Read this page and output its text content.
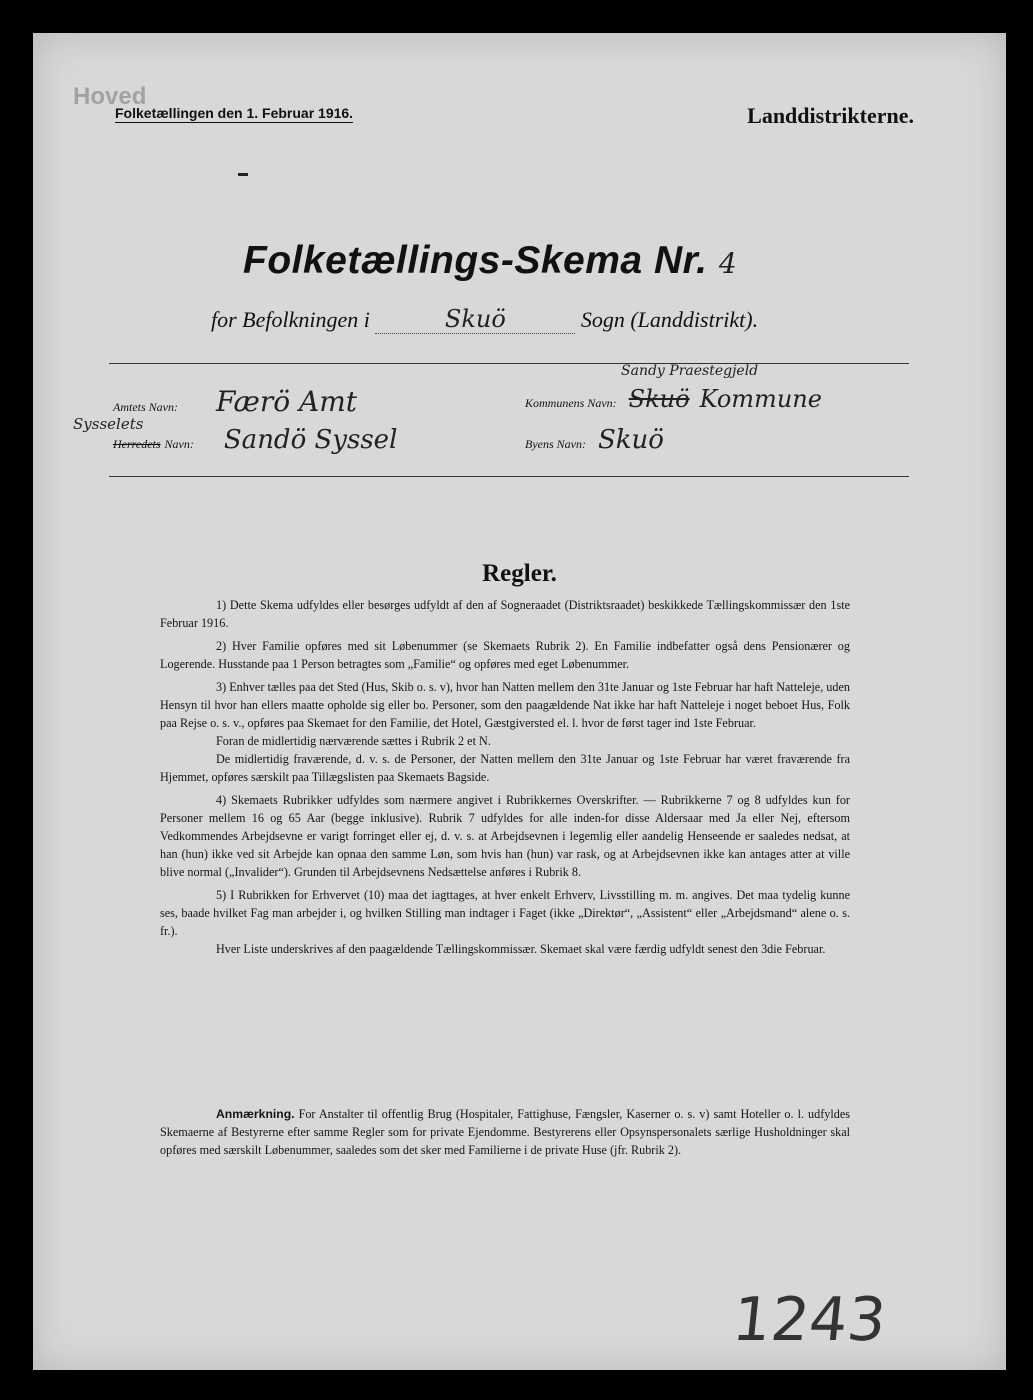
Hoved
Folketællingen den 1. Februar 1916.	Landdistrikterne.
Folketællings-Skema Nr. 4
for Befolkningen i	Skuö	Sogn (Landdistrikt).
Amtets Navn: Færö Amt
Sandy Praestegjeld
Kommunens Navn: Skuö Kommune
Sysselets
Herredets Navn: Sandö Syssel	Byens Navn: Skuö
Regler.

1) Dette Skema udfyldes eller besørges udfyldt af den af Sogneraadet (Distriktsraadet) beskikkede Tællingskommissær den 1ste Februar 1916.

2) Hver Familie opføres med sit Løbenummer (se Skemaets Rubrik 2). En Familie indbefatter også dens Pensionærer og Logerende. Husstande paa 1 Person betragtes som „Familie“ og opføres med eget Løbenummer.

3) Enhver tælles paa det Sted (Hus, Skib o. s. v), hvor han Natten mellem den 31te Januar og 1ste Februar har haft Natteleje, uden Hensyn til hvor han ellers maatte opholde sig eller bo. Personer, som den paagældende Nat ikke har haft Natteleje i noget beboet Hus, Folk paa Rejse o. s. v., opføres paa Skemaet for den Familie, det Hotel, Gæstgiversted el. l. hvor de først tager ind 1ste Februar.

Foran de midlertidig nærværende sættes i Rubrik 2 et N.

De midlertidig fraværende, d. v. s. de Personer, der Natten mellem den 31te Januar og 1ste Februar har været fraværende fra Hjemmet, opføres særskilt paa Tillægslisten paa Skemaets Bagside.

4) Skemaets Rubrikker udfyldes som nærmere angivet i Rubrikkernes Overskrifter. — Rubrikkerne 7 og 8 udfyldes kun for Personer mellem 16 og 65 Aar (begge inklusive). Rubrik 7 udfyldes for alle inden-for disse Aldersaar med Ja eller Nej, eftersom Vedkommendes Arbejdsevne er varigt forringet eller ej, d. v. s. at Arbejdsevnen i legemlig eller aandelig Henseende er saaledes nedsat, at han (hun) ikke ved sit Arbejde kan opnaa den samme Løn, som hvis han (hun) var rask, og at Arbejdsevnen ikke kan antages atter at ville blive normal („Invalider“). Grunden til Arbejdsevnens Nedsættelse anføres i Rubrik 8.

5) I Rubrikken for Erhvervet (10) maa det iagttages, at hver enkelt Erhverv, Livsstilling m. m. angives. Det maa tydelig kunne ses, baade hvilket Fag man arbejder i, og hvilken Stilling man indtager i Faget (ikke „Direktør“, „Assistent“ eller „Arbejdsmand“ alene o. s. fr.).

Hver Liste underskrives af den paagældende Tællingskommissær. Skemaet skal være færdig udfyldt senest den 3die Februar.

Anmærkning. For Anstalter til offentlig Brug (Hospitaler, Fattighuse, Fængsler, Kaserner o. s. v) samt Hoteller o. l. udfyldes Skemaerne af Bestyrerne efter samme Regler som for private Ejendomme. Bestyrerens eller Opsynspersonalets særlige Husholdninger skal opføres med særskilt Løbenummer, saaledes som det sker med Familierne i de private Huse (jfr. Rubrik 2).

1243
